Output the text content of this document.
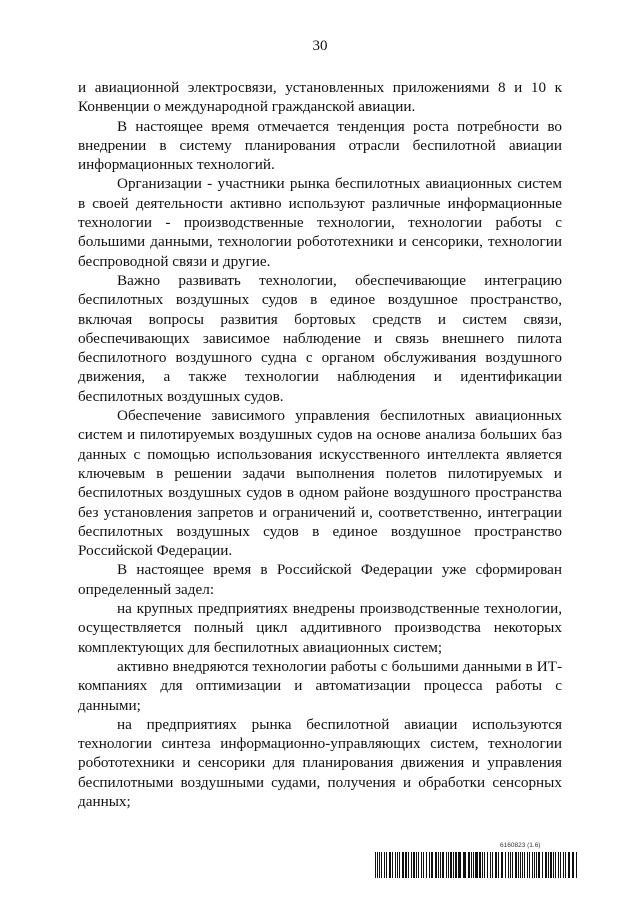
30

и авиационной электросвязи, установленных приложениями 8 и 10 к Конвенции о международной гражданской авиации.

В настоящее время отмечается тенденция роста потребности во внедрении в систему планирования отрасли беспилотной авиации информационных технологий.

Организации - участники рынка беспилотных авиационных систем в своей деятельности активно используют различные информационные технологии - производственные технологии, технологии работы с большими данными, технологии робототехники и сенсорики, технологии беспроводной связи и другие.

Важно развивать технологии, обеспечивающие интеграцию беспилотных воздушных судов в единое воздушное пространство, включая вопросы развития бортовых средств и систем связи, обеспечивающих зависимое наблюдение и связь внешнего пилота беспилотного воздушного судна с органом обслуживания воздушного движения, а также технологии наблюдения и идентификации беспилотных воздушных судов.

Обеспечение зависимого управления беспилотных авиационных систем и пилотируемых воздушных судов на основе анализа больших баз данных с помощью использования искусственного интеллекта является ключевым в решении задачи выполнения полетов пилотируемых и беспилотных воздушных судов в одном районе воздушного пространства без установления запретов и ограничений и, соответственно, интеграции беспилотных воздушных судов в единое воздушное пространство Российской Федерации.

В настоящее время в Российской Федерации уже сформирован определенный задел:

на крупных предприятиях внедрены производственные технологии, осуществляется полный цикл аддитивного производства некоторых комплектующих для беспилотных авиационных систем;

активно внедряются технологии работы с большими данными в ИТ-компаниях для оптимизации и автоматизации процесса работы с данными;

на предприятиях рынка беспилотной авиации используются технологии синтеза информационно-управляющих систем, технологии робототехники и сенсорики для планирования движения и управления беспилотными воздушными судами, получения и обработки сенсорных данных;

6160823 (1.6)
